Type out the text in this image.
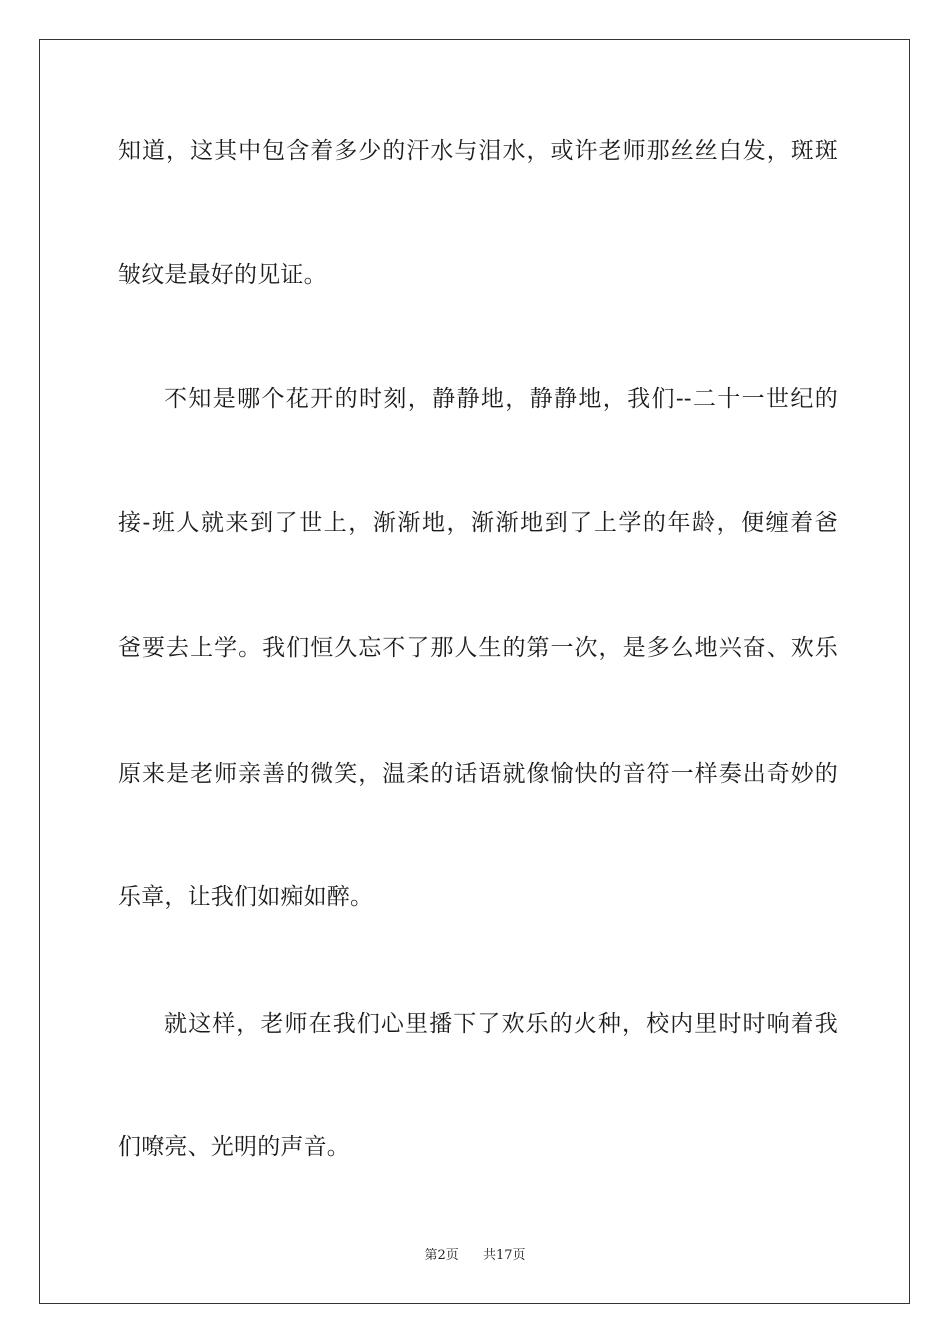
知道，这其中包含着多少的汗水与泪水，或许老师那丝丝白发，斑斑
皱纹是最好的见证。
不知是哪个花开的时刻，静静地，静静地，我们--二十一世纪的
接-班人就来到了世上，渐渐地，渐渐地到了上学的年龄，便缠着爸
爸要去上学。我们恒久忘不了那人生的第一次，是多么地兴奋、欢乐
原来是老师亲善的微笑，温柔的话语就像愉快的音符一样奏出奇妙的
乐章，让我们如痴如醉。
就这样，老师在我们心里播下了欢乐的火种，校内里时时响着我
们嘹亮、光明的声音。
第2页 共17页
